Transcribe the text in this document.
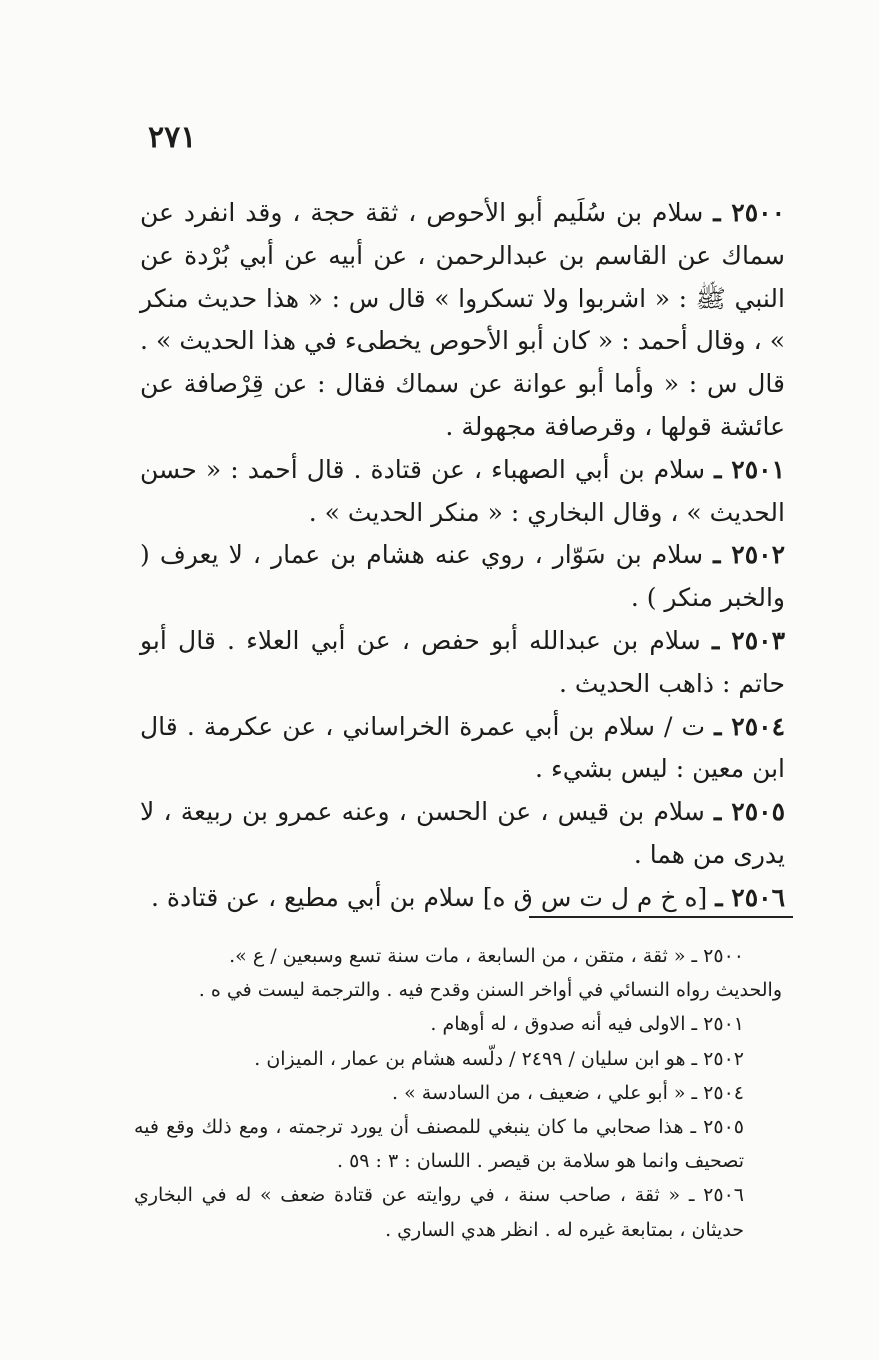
٢٧١

٢٥٠٠ ـ سلام بن سُلَيم أبو الأحوص ، ثقة حجة ، وقد انفرد عن سماك عن القاسم بن عبدالرحمن ، عن أبيه عن أبي بُرْدة عن النبي ﷺ : « اشربوا ولا تسكروا » قال س : « هذا حديث منكر » ، وقال أحمد : « كان أبو الأحوص يخطىء في هذا الحديث » . قال س : « وأما أبو عوانة عن سماك فقال : عن قِرْصافة عن عائشة قولها ، وقرصافة مجهولة .

٢٥٠١ ـ سلام بن أبي الصهباء ، عن قتادة . قال أحمد : « حسن الحديث » ، وقال البخاري : « منكر الحديث » .

٢٥٠٢ ـ سلام بن سَوّار ، روي عنه هشام بن عمار ، لا يعرف ( والخبر منكر ) .

٢٥٠٣ ـ سلام بن عبدالله أبو حفص ، عن أبي العلاء . قال أبو حاتم : ذاهب الحديث .

٢٥٠٤ ـ ت / سلام بن أبي عمرة الخراساني ، عن عكرمة . قال ابن معين : ليس بشيء .

٢٥٠٥ ـ سلام بن قيس ، عن الحسن ، وعنه عمرو بن ربيعة ، لا يدرى من هما .

٢٥٠٦ ـ [ه خ م ل ت س ق ه] سلام بن أبي مطيع ، عن قتادة .

٢٥٠٠ ـ « ثقة ، متقن ، من السابعة ، مات سنة تسع وسبعين / ع ».

والحديث رواه النسائي في أواخر السنن وقدح فيه . والترجمة ليست في ه .

٢٥٠١ ـ الاولى فيه أنه صدوق ، له أوهام .

٢٥٠٢ ـ هو ابن سليان / ٢٤٩٩ / دلّسه هشام بن عمار ، الميزان .

٢٥٠٤ ـ « أبو علي ، ضعيف ، من السادسة » .

٢٥٠٥ ـ هذا صحابي ما كان ينبغي للمصنف أن يورد ترجمته ، ومع ذلك وقع فيه تصحيف وانما هو سلامة بن قيصر . اللسان : ٣ : ٥٩ .

٢٥٠٦ ـ « ثقة ، صاحب سنة ، في روايته عن قتادة ضعف » له في البخاري حديثان ، بمتابعة غيره له . انظر هدي الساري .
